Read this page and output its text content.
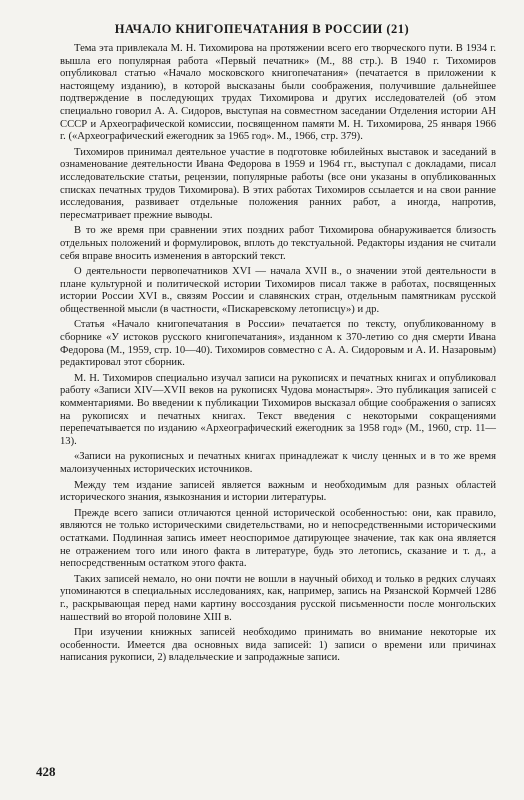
НАЧАЛО КНИГОПЕЧАТАНИЯ В РОССИИ (21)

Тема эта привлекала М. Н. Тихомирова на протяжении всего его творческого пути. В 1934 г. вышла его популярная работа «Первый печатник» (М., 88 стр.). В 1940 г. Тихомиров опубликовал статью «Начало московского книгопечатания» (печатается в приложении к настоящему изданию), в которой высказаны были соображения, получившие дальнейшее подтверждение в последующих трудах Тихомирова и других исследователей (об этом специально говорил А. А. Сидоров, выступая на совместном заседании Отделения истории АН СССР и Археографической комиссии, посвященном памяти М. Н. Тихомирова, 25 января 1966 г. («Археографический ежегодник за 1965 год». М., 1966, стр. 379).

Тихомиров принимал деятельное участие в подготовке юбилейных выставок и заседаний в ознаменование деятельности Ивана Федорова в 1959 и 1964 гг., выступал с докладами, писал исследовательские статьи, рецензии, популярные работы (все они указаны в опубликованных списках печатных трудов Тихомирова). В этих работах Тихомиров ссылается и на свои ранние исследования, развивает отдельные положения ранних работ, а иногда, напротив, пересматривает прежние выводы.

В то же время при сравнении этих поздних работ Тихомирова обнаруживается близость отдельных положений и формулировок, вплоть до текстуальной. Редакторы издания не считали себя вправе вносить изменения в авторский текст.

О деятельности первопечатников XVI — начала XVII в., о значении этой деятельности в плане культурной и политической истории Тихомиров писал также в работах, посвященных истории России XVI в., связям России и славянских стран, отдельным памятникам русской общественной мысли (в частности, «Пискаревскому летописцу») и др.

Статья «Начало книгопечатания в России» печатается по тексту, опубликованному в сборнике «У истоков русского книгопечатания», изданном к 370-летию со дня смерти Ивана Федорова (М., 1959, стр. 10—40). Тихомиров совместно с А. А. Сидоровым и А. И. Назаровым) редактировал этот сборник.

М. Н. Тихомиров специально изучал записи на рукописях и печатных книгах и опубликовал работу «Записи XIV—XVII веков на рукописях Чудова монастыря». Это публикация записей с комментариями. Во введении к публикации Тихомиров высказал общие соображения о записях на рукописях и печатных книгах. Текст введения с некоторыми сокращениями перепечатывается по изданию «Археографический ежегодник за 1958 год» (М., 1960, стр. 11—13).

«Записи на рукописных и печатных книгах принадлежат к числу ценных и в то же время малоизученных исторических источников.

Между тем издание записей является важным и необходимым для разных областей исторического знания, языкознания и истории литературы.

Прежде всего записи отличаются ценной исторической особенностью: они, как правило, являются не только историческими свидетельствами, но и непосредственными историческими остатками. Подлинная запись имеет неоспоримое датирующее значение, так как она является не отражением того или иного факта в литературе, будь это летопись, сказание и т. д., а непосредственным остатком этого факта.

Таких записей немало, но они почти не вошли в научный обиход и только в редких случаях упоминаются в специальных исследованиях, как, например, запись на Рязанской Кормчей 1286 г., раскрывающая перед нами картину воссоздания русской письменности после монгольских нашествий во второй половине XIII в.

При изучении книжных записей необходимо принимать во внимание некоторые их особенности. Имеется два основных вида записей: 1) записи о времени или причинах написания рукописи, 2) владельческие и запродажные записи.

428
